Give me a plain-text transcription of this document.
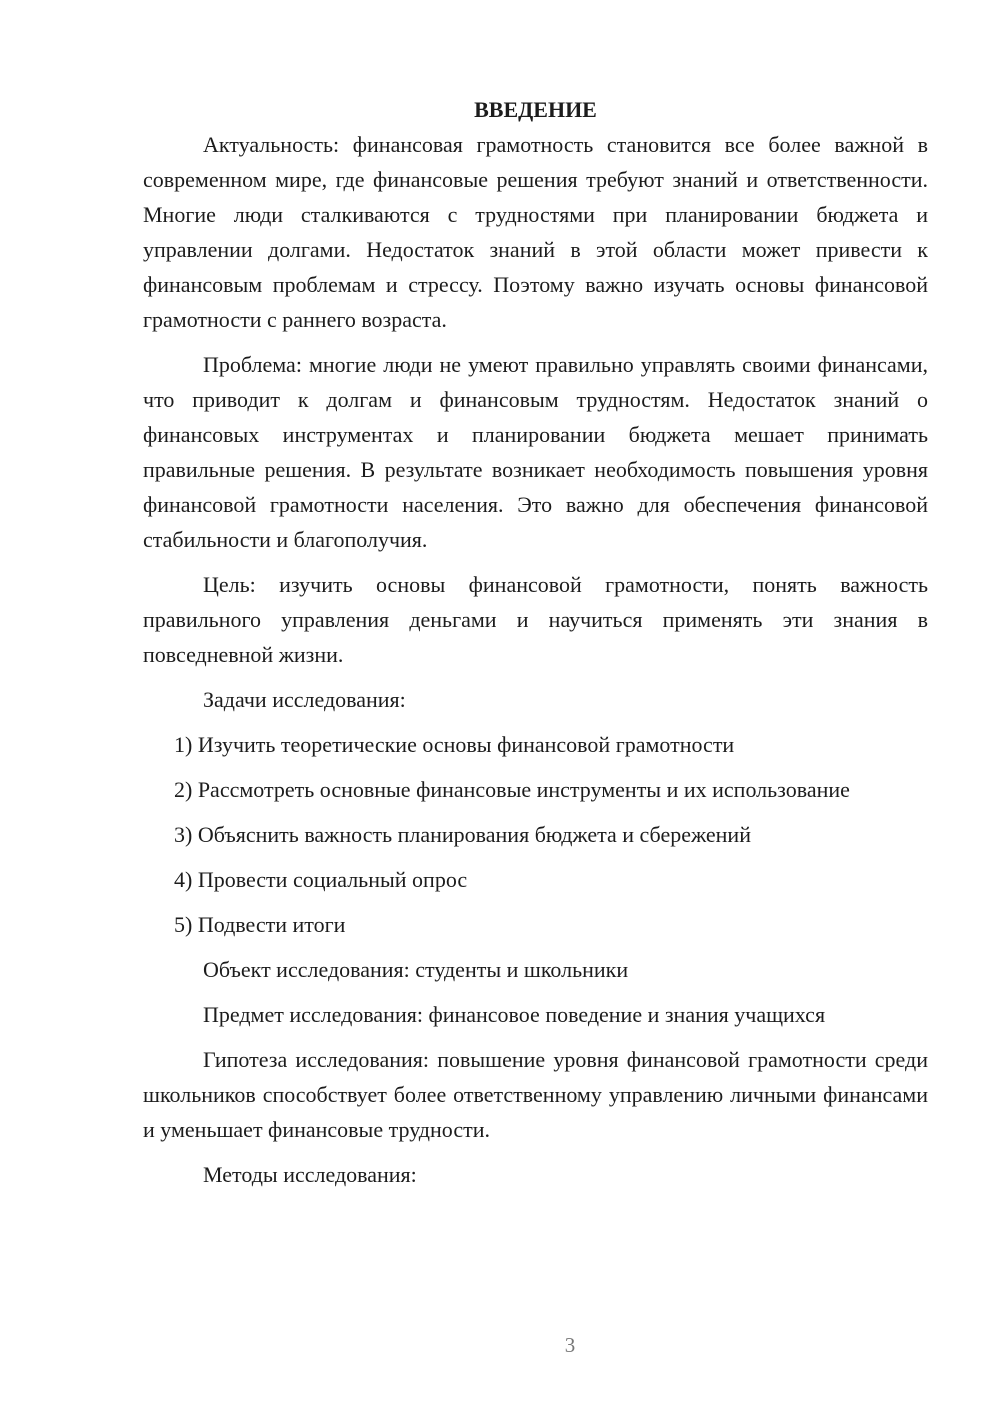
ВВЕДЕНИЕ

Актуальность: финансовая грамотность становится все более важной в современном мире, где финансовые решения требуют знаний и ответственности. Многие люди сталкиваются с трудностями при планировании бюджета и управлении долгами. Недостаток знаний в этой области может привести к финансовым проблемам и стрессу. Поэтому важно изучать основы финансовой грамотности с раннего возраста.

Проблема: многие люди не умеют правильно управлять своими финансами, что приводит к долгам и финансовым трудностям. Недостаток знаний о финансовых инструментах и планировании бюджета мешает принимать правильные решения. В результате возникает необходимость повышения уровня финансовой грамотности населения. Это важно для обеспечения финансовой стабильности и благополучия.

Цель: изучить основы финансовой грамотности, понять важность правильного управления деньгами и научиться применять эти знания в повседневной жизни.

Задачи исследования:

1) Изучить теоретические основы финансовой грамотности

2) Рассмотреть основные финансовые инструменты и их использование

3) Объяснить важность планирования бюджета и сбережений

4) Провести социальный опрос

5) Подвести итоги

Объект исследования: студенты и школьники

Предмет исследования: финансовое поведение и знания учащихся

Гипотеза исследования: повышение уровня финансовой грамотности среди школьников способствует более ответственному управлению личными финансами и уменьшает финансовые трудности.

Методы исследования:

3
